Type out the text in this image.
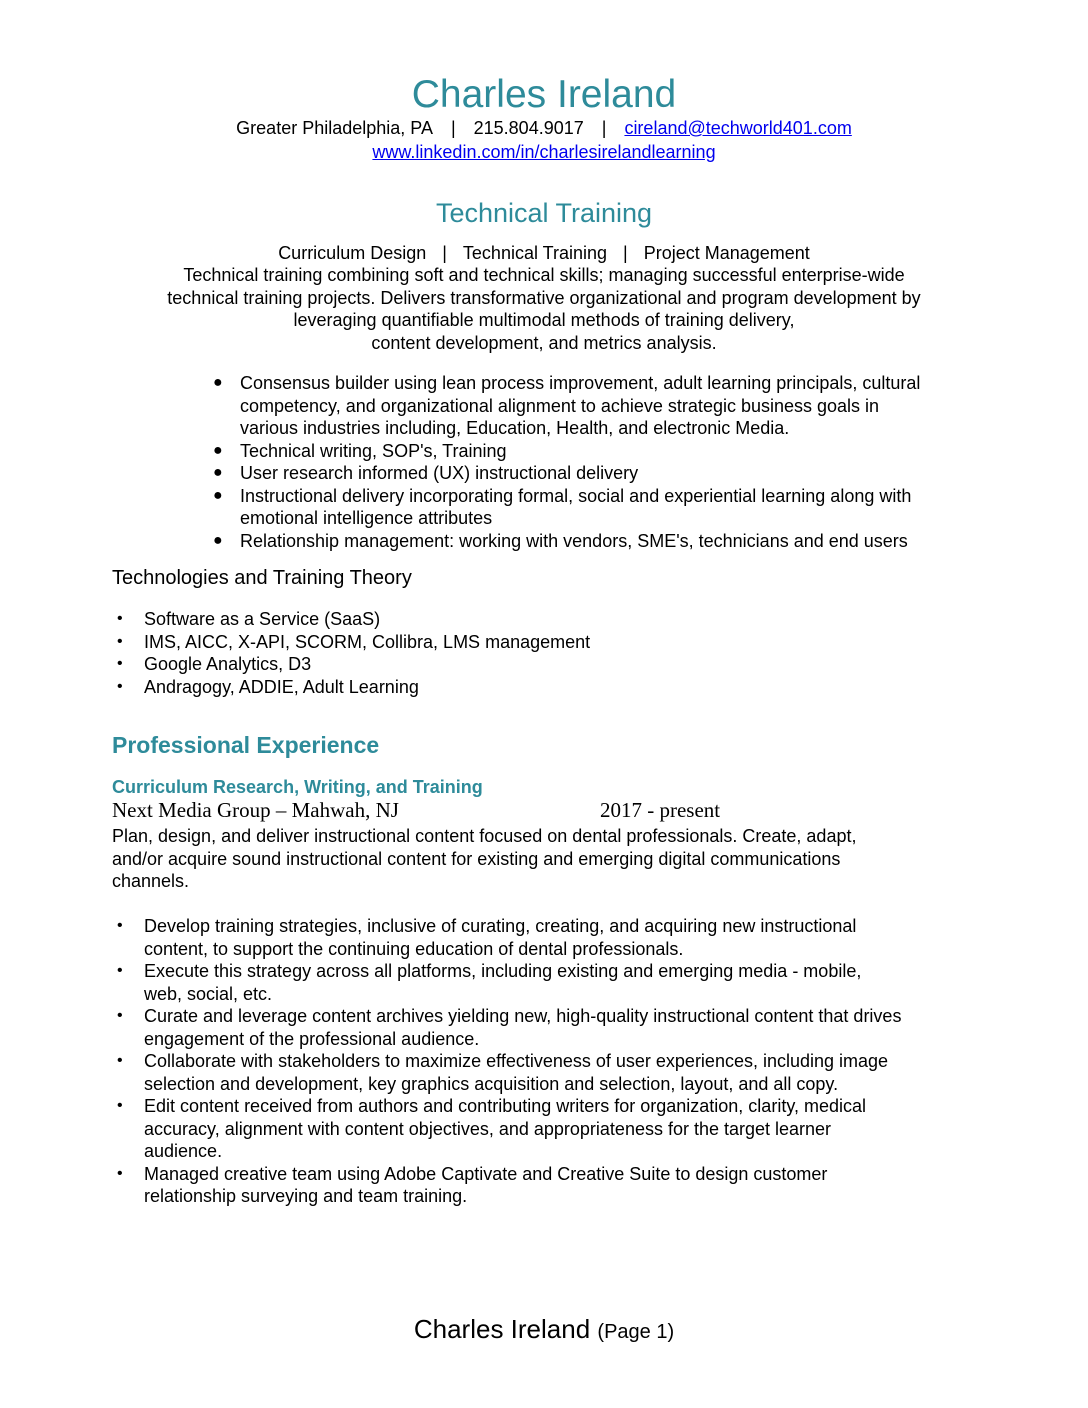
Charles Ireland
Greater Philadelphia, PA | 215.804.9017 | cireland@techworld401.com
www.linkedin.com/in/charlesirelandlearning
Technical Training
Curriculum Design | Technical Training | Project Management
Technical training combining soft and technical skills; managing successful enterprise-wide
technical training projects. Delivers transformative organizational and program development by
leveraging quantifiable multimodal methods of training delivery,
content development, and metrics analysis.
● Consensus builder using lean process improvement, adult learning principals, cultural
competency, and organizational alignment to achieve strategic business goals in
various industries including, Education, Health, and electronic Media.
● Technical writing, SOP's, Training
● User research informed (UX) instructional delivery
● Instructional delivery incorporating formal, social and experiential learning along with
emotional intelligence attributes
● Relationship management: working with vendors, SME's, technicians and end users
Technologies and Training Theory
• Software as a Service (SaaS)
• IMS, AICC, X-API, SCORM, Collibra, LMS management
• Google Analytics, D3
• Andragogy, ADDIE, Adult Learning
Professional Experience
Curriculum Research, Writing, and Training
Next Media Group – Mahwah, NJ	2017 - present
Plan, design, and deliver instructional content focused on dental professionals. Create, adapt,
and/or acquire sound instructional content for existing and emerging digital communications
channels.
• Develop training strategies, inclusive of curating, creating, and acquiring new instructional
content, to support the continuing education of dental professionals.
• Execute this strategy across all platforms, including existing and emerging media - mobile,
web, social, etc.
• Curate and leverage content archives yielding new, high-quality instructional content that drives
engagement of the professional audience.
• Collaborate with stakeholders to maximize effectiveness of user experiences, including image
selection and development, key graphics acquisition and selection, layout, and all copy.
• Edit content received from authors and contributing writers for organization, clarity, medical
accuracy, alignment with content objectives, and appropriateness for the target learner
audience.
• Managed creative team using Adobe Captivate and Creative Suite to design customer
relationship surveying and team training.
Charles Ireland (Page 1)
